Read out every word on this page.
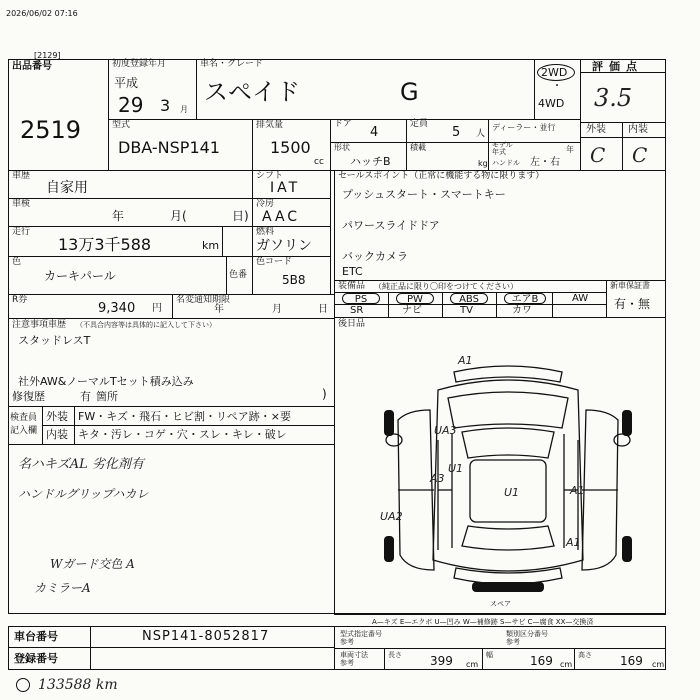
2026/06/02 07:16
[2129]
出品番号
2519
初度登録年月
平成
29 3 月
車名・グレード
スペイド	G
2WD
・
4WD
評価点
3.5
外装 内装
C C
型式
DBA-NSP141
排気量
1500
cc
ドア
4
定員
5 人
ディーラー・並行
形状
ハッチB
積載
kg
モデル
年式	年
ハンドル 左・右
車歴
自家用
シフト
IAT
車検
年	月(	日)
冷房
AAC
走行
13万3千588	km
燃料
ガソリン
色
カーキパール	色番
色コード
5B8
セールスポイント（正常に機能する物に限ります）
プッシュスタート・スマートキー
パワースライドドア
バックカメラ
ETC
装備品 （純正品に限り〇印をつけてください）	新車保証書
有・無
PS	PW	ABS	エアB	AW
SR	ナビ	TV	カワ
後日品
R券
9,340 円
名変通知期限
年	月	日
注意事項車歴 （不具合内容等は具体的に記入して下さい）
スタッドレスT
社外AW&ノーマルTセット積み込み
修復歴	有 箇所	)
検査員
記入欄
外装 FW・キズ・飛石・ヒビ割・リペア跡・×要
内装 キタ・汚レ・コゲ・穴・スレ・キレ・破レ
名ハキズAL 劣化剤有
ハンドルグリップハカレ
Wガード交色 A
カミラーA
A1
UA3
A3
U1
U1	A1
UA2
A1
スペア
A—キズ E—エクボ U—凹み W—補修跡 S—サビ C—腐食 XX—交換済
車台番号	NSP141-8052817
登録番号
型式指定番号
参考
類別区分番号
参考
車両寸法
参考
長さ 399 cm
幅	169 cm
高さ 169 cm
133588 km
